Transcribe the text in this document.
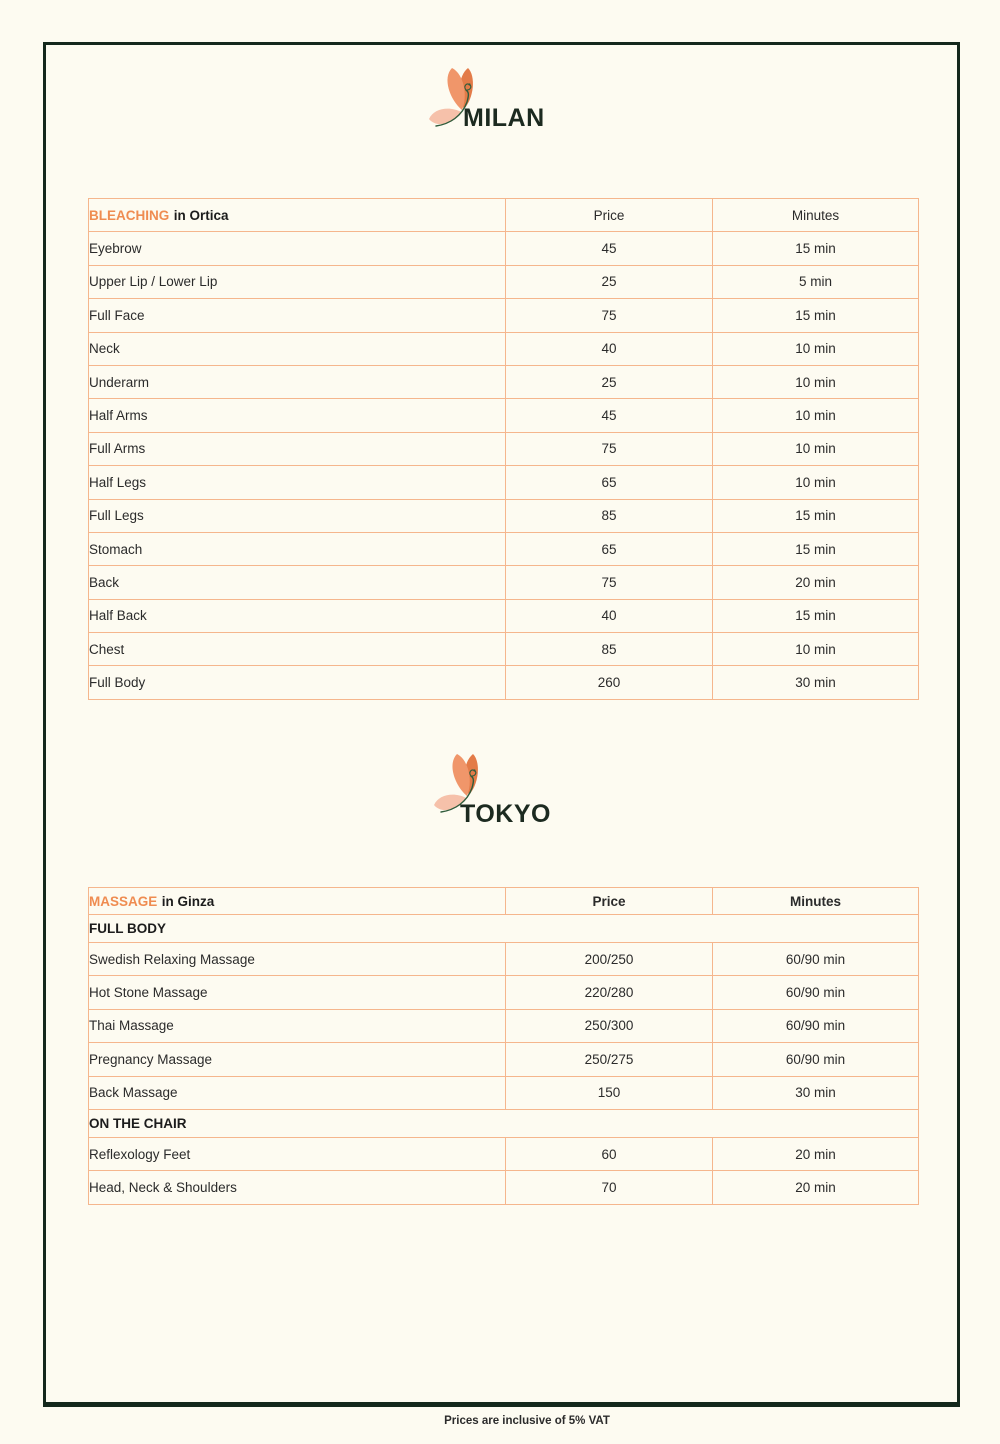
MILAN
BLEACHING in Ortica	Price	Minutes
Eyebrow	45	15 min
Upper Lip / Lower Lip	25	5 min
Full Face	75	15 min
Neck	40	10 min
Underarm	25	10 min
Half Arms	45	10 min
Full Arms	75	10 min
Half Legs	65	10 min
Full Legs	85	15 min
Stomach	65	15 min
Back	75	20 min
Half Back	40	15 min
Chest	85	10 min
Full Body	260	30 min
TOKYO
MASSAGE in Ginza	Price	Minutes
FULL BODY		
Swedish Relaxing Massage	200/250	60/90 min
Hot Stone Massage	220/280	60/90 min
Thai Massage	250/300	60/90 min
Pregnancy Massage	250/275	60/90 min
Back Massage	150	30 min
ON THE CHAIR		
Reflexology Feet	60	20 min
Head, Neck & Shoulders	70	20 min
Prices are inclusive of 5% VAT
